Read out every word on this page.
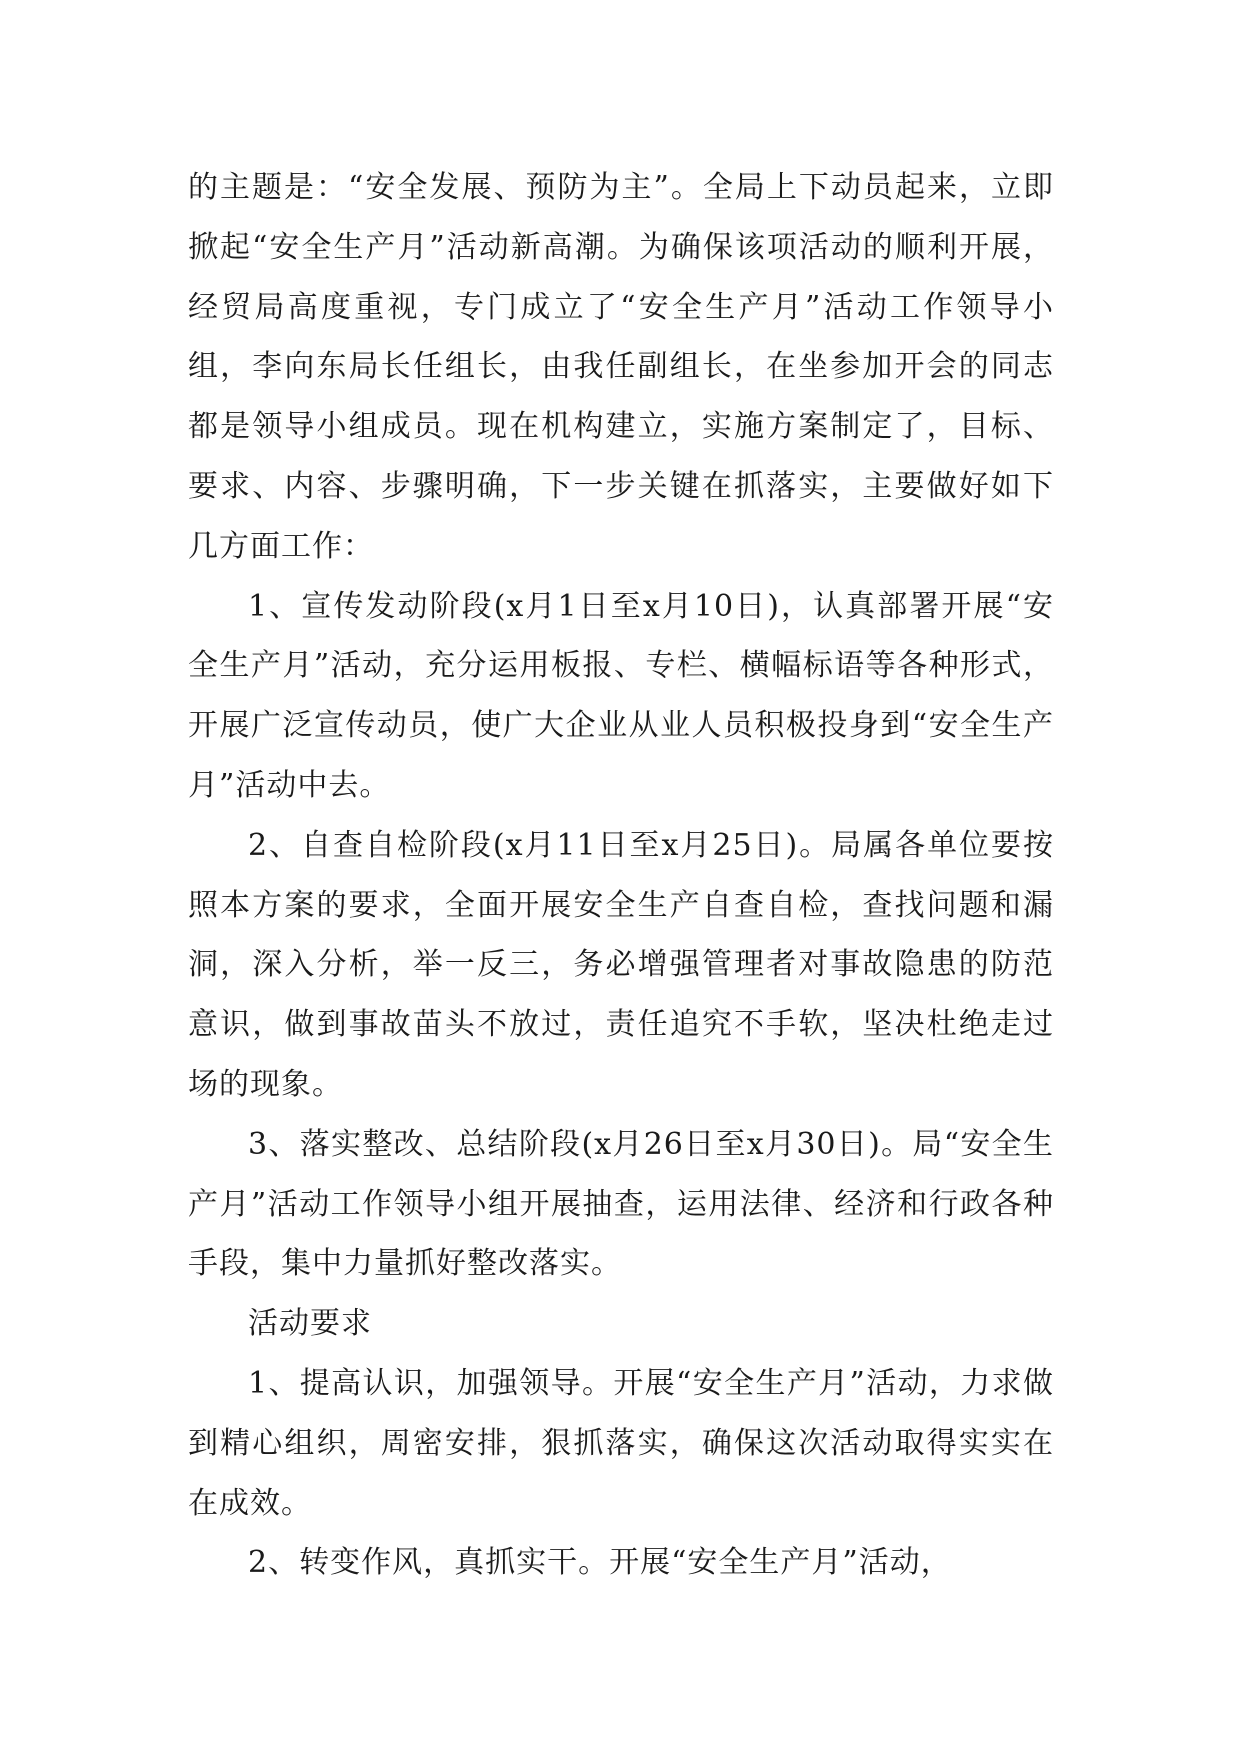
的主题是：“安全发展、预防为主”。全局上下动员起来，立即掀起“安全生产月”活动新高潮。为确保该项活动的顺利开展，经贸局高度重视，专门成立了“安全生产月”活动工作领导小组，李向东局长任组长，由我任副组长，在坐参加开会的同志都是领导小组成员。现在机构建立，实施方案制定了，目标、要求、内容、步骤明确，下一步关键在抓落实，主要做好如下几方面工作：

1、宣传发动阶段(x月1日至x月10日)，认真部署开展“安全生产月”活动，充分运用板报、专栏、横幅标语等各种形式，开展广泛宣传动员，使广大企业从业人员积极投身到“安全生产月”活动中去。

2、自查自检阶段(x月11日至x月25日)。局属各单位要按照本方案的要求，全面开展安全生产自查自检，查找问题和漏洞，深入分析，举一反三，务必增强管理者对事故隐患的防范意识，做到事故苗头不放过，责任追究不手软，坚决杜绝走过场的现象。

3、落实整改、总结阶段(x月26日至x月30日)。局“安全生产月”活动工作领导小组开展抽查，运用法律、经济和行政各种手段，集中力量抓好整改落实。

活动要求

1、提高认识，加强领导。开展“安全生产月”活动，力求做到精心组织，周密安排，狠抓落实，确保这次活动取得实实在在成效。

2、转变作风，真抓实干。开展“安全生产月”活动，
